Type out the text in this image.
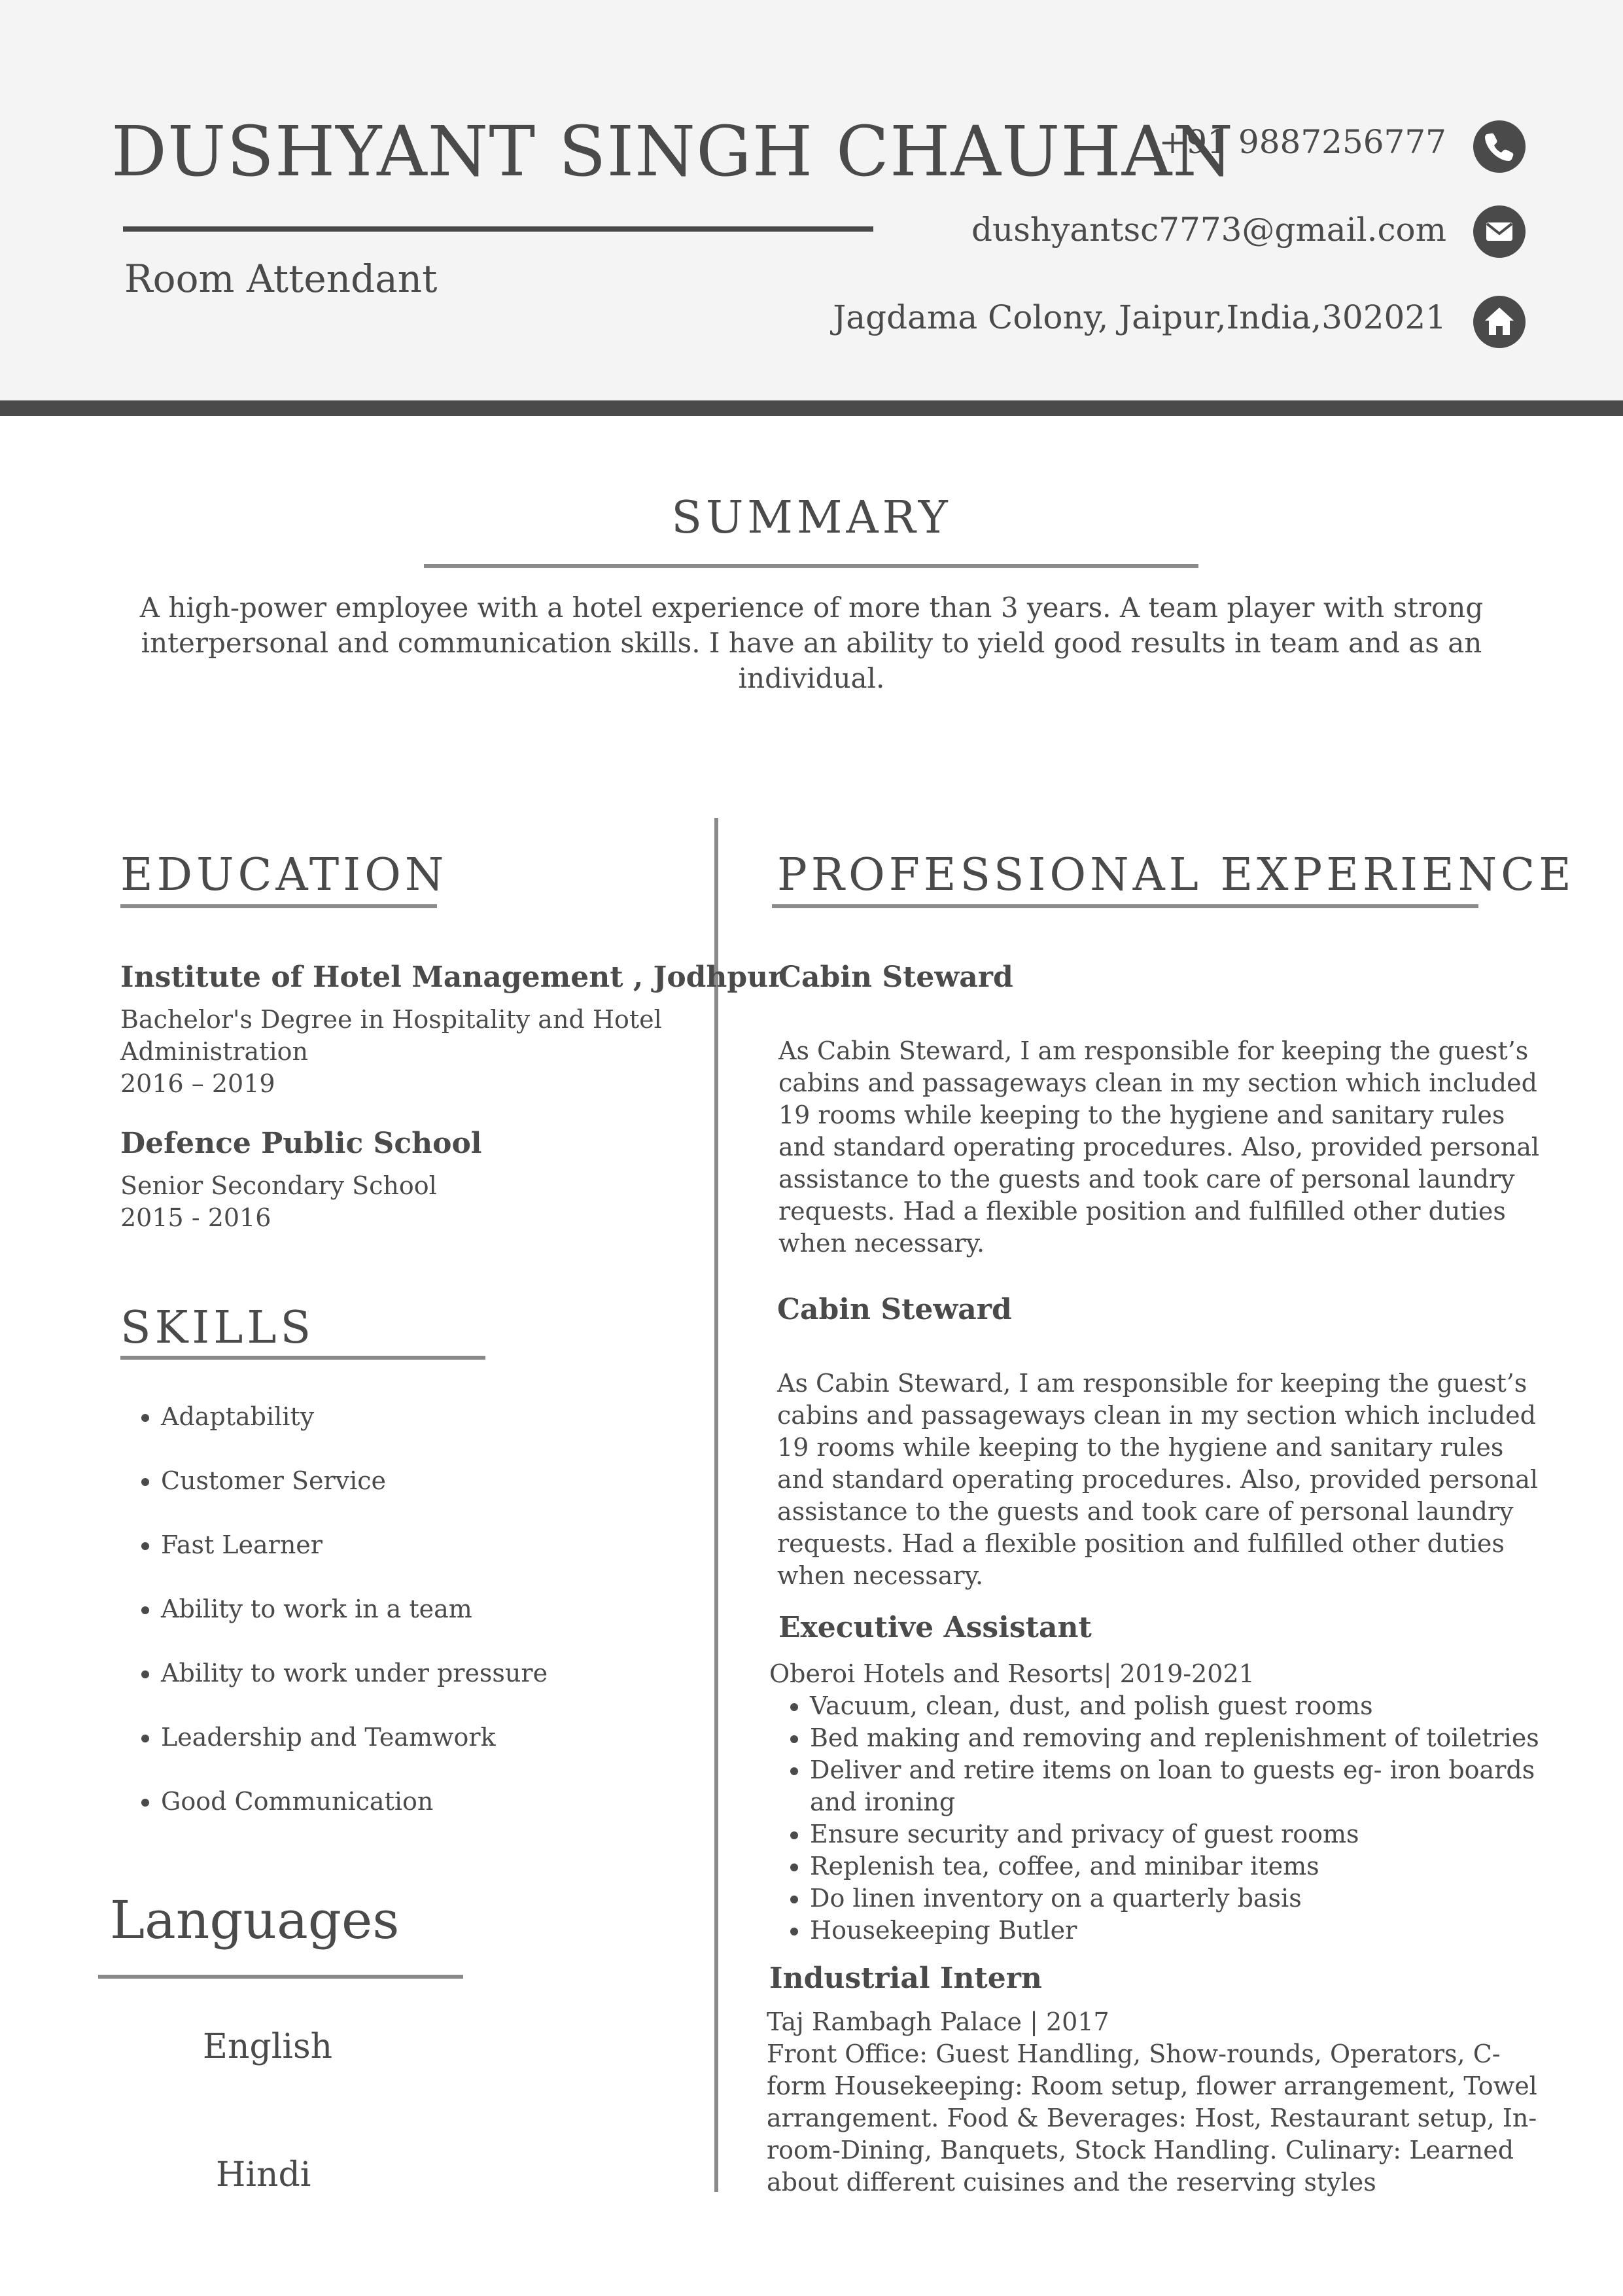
DUSHYANT SINGH CHAUHAN
Room Attendant
+91 9887256777
dushyantsc7773@gmail.com
Jagdama Colony, Jaipur,India,302021
SUMMARY
A high-power employee with a hotel experience of more than 3 years. A team player with strong interpersonal and communication skills. I have an ability to yield good results in team and as an individual.
EDUCATION
Institute of Hotel Management , Jodhpur
Bachelor's Degree in Hospitality and Hotel Administration
2016 – 2019
Defence Public School
Senior Secondary School
2015 - 2016
SKILLS
• Adaptability
• Customer Service
• Fast Learner
• Ability to work in a team
• Ability to work under pressure
• Leadership and Teamwork
• Good Communication
Languages
English
Hindi
PROFESSIONAL EXPERIENCE
Cabin Steward
As Cabin Steward, I am responsible for keeping the guest’s cabins and passageways clean in my section which included 19 rooms while keeping to the hygiene and sanitary rules and standard operating procedures. Also, provided personal assistance to the guests and took care of personal laundry requests. Had a flexible position and fulfilled other duties when necessary.
Cabin Steward
As Cabin Steward, I am responsible for keeping the guest’s cabins and passageways clean in my section which included 19 rooms while keeping to the hygiene and sanitary rules and standard operating procedures. Also, provided personal assistance to the guests and took care of personal laundry requests. Had a flexible position and fulfilled other duties when necessary.
Executive Assistant
Oberoi Hotels and Resorts| 2019-2021
• Vacuum, clean, dust, and polish guest rooms
• Bed making and removing and replenishment of toiletries
• Deliver and retire items on loan to guests eg- iron boards and ironing
• Ensure security and privacy of guest rooms
• Replenish tea, coffee, and minibar items
• Do linen inventory on a quarterly basis
• Housekeeping Butler
Industrial Intern
Taj Rambagh Palace | 2017
Front Office: Guest Handling, Show-rounds, Operators, C-form Housekeeping: Room setup, flower arrangement, Towel arrangement. Food & Beverages: Host, Restaurant setup, In-room-Dining, Banquets, Stock Handling. Culinary: Learned about different cuisines and the reserving styles
